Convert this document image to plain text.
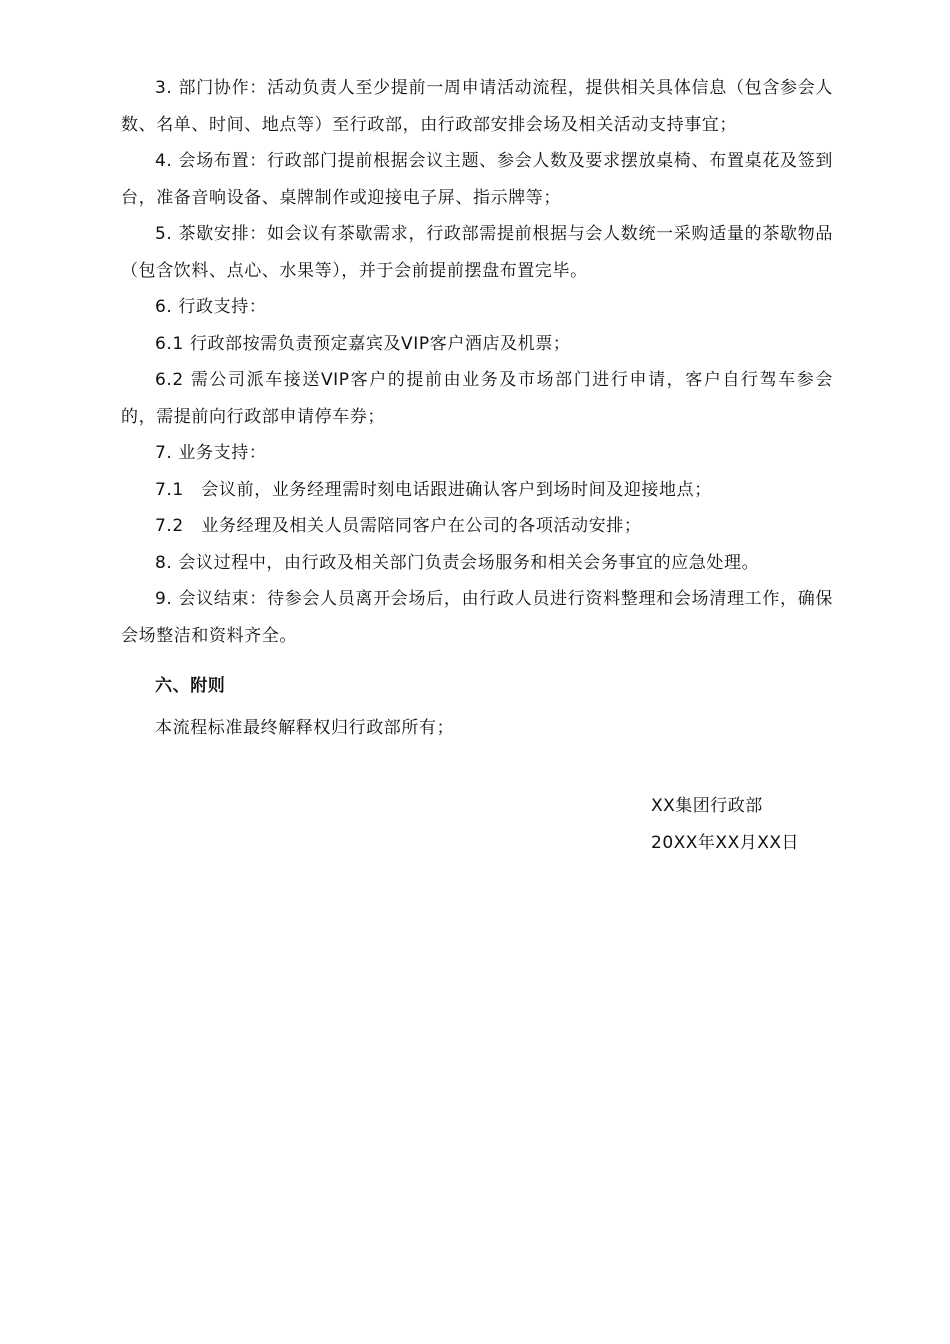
3. 部门协作：活动负责人至少提前一周申请活动流程，提供相关具体信息（包含参会人数、名单、时间、地点等）至行政部，由行政部安排会场及相关活动支持事宜；

4. 会场布置：行政部门提前根据会议主题、参会人数及要求摆放桌椅、布置桌花及签到台，准备音响设备、桌牌制作或迎接电子屏、指示牌等；

5. 茶歇安排：如会议有茶歇需求，行政部需提前根据与会人数统一采购适量的茶歇物品（包含饮料、点心、水果等），并于会前提前摆盘布置完毕。

6. 行政支持：

6.1 行政部按需负责预定嘉宾及VIP客户酒店及机票；

6.2 需公司派车接送VIP客户的提前由业务及市场部门进行申请，客户自行驾车参会的，需提前向行政部申请停车券；

7. 业务支持：

7.1　会议前，业务经理需时刻电话跟进确认客户到场时间及迎接地点；

7.2　业务经理及相关人员需陪同客户在公司的各项活动安排；

8. 会议过程中，由行政及相关部门负责会场服务和相关会务事宜的应急处理。

9. 会议结束：待参会人员离开会场后，由行政人员进行资料整理和会场清理工作，确保会场整洁和资料齐全。

六、附则

本流程标准最终解释权归行政部所有；

XX集团行政部
20XX年XX月XX日
